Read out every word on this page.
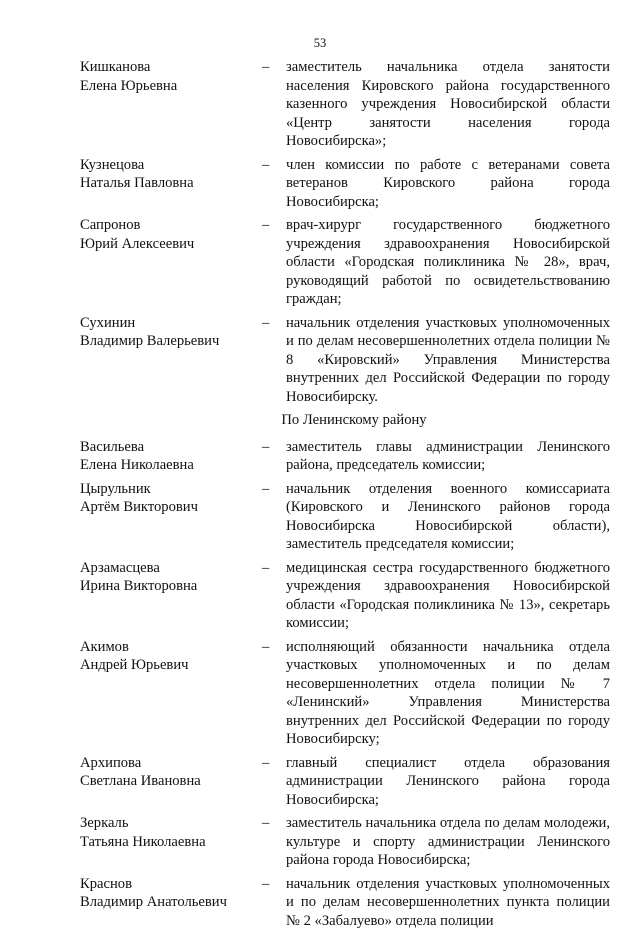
53
Кишканова
Елена Юрьевна
–	заместитель начальника отдела занятости населения Кировского района государственного казенного учреждения Новосибирской области «Центр занятости населения города Новосибирска»;
Кузнецова
Наталья Павловна
–	член комиссии по работе с ветеранами совета ветеранов Кировского района города Новосибирска;
Сапронов
Юрий Алексеевич
–	врач-хирург государственного бюджетного учреждения здравоохранения Новосибирской области «Городская поликлиника № 28», врач, руководящий работой по освидетельствованию граждан;
Сухинин
Владимир Валерьевич
–	начальник отделения участковых уполномоченных и по делам несовершеннолетних отдела полиции № 8 «Кировский» Управления Министерства внутренних дел Российской Федерации по городу Новосибирску.
По Ленинскому району
Васильева
Елена Николаевна
–	заместитель главы администрации Ленинского района, председатель комиссии;
Цырульник
Артём Викторович
–	начальник отделения военного комиссариата (Кировского и Ленинского районов города Новосибирска Новосибирской области), заместитель председателя комиссии;
Арзамасцева
Ирина Викторовна
–	медицинская сестра государственного бюджетного учреждения здравоохранения Новосибирской области «Городская поликлиника № 13», секретарь комиссии;
Акимов
Андрей Юрьевич
–	исполняющий обязанности начальника отдела участковых уполномоченных и по делам несовершеннолетних отдела полиции № 7 «Ленинский» Управления Министерства внутренних дел Российской Федерации по городу Новосибирску;
Архипова
Светлана Ивановна
–	главный специалист отдела образования администрации Ленинского района города Новосибирска;
Зеркаль
Татьяна Николаевна
–	заместитель начальника отдела по делам молодежи, культуре и спорту администрации Ленинского района города Новосибирска;
Краснов
Владимир Анатольевич
–	начальник отделения участковых уполномоченных и по делам несовершеннолетних пункта полиции № 2 «Забалуево» отдела полиции
